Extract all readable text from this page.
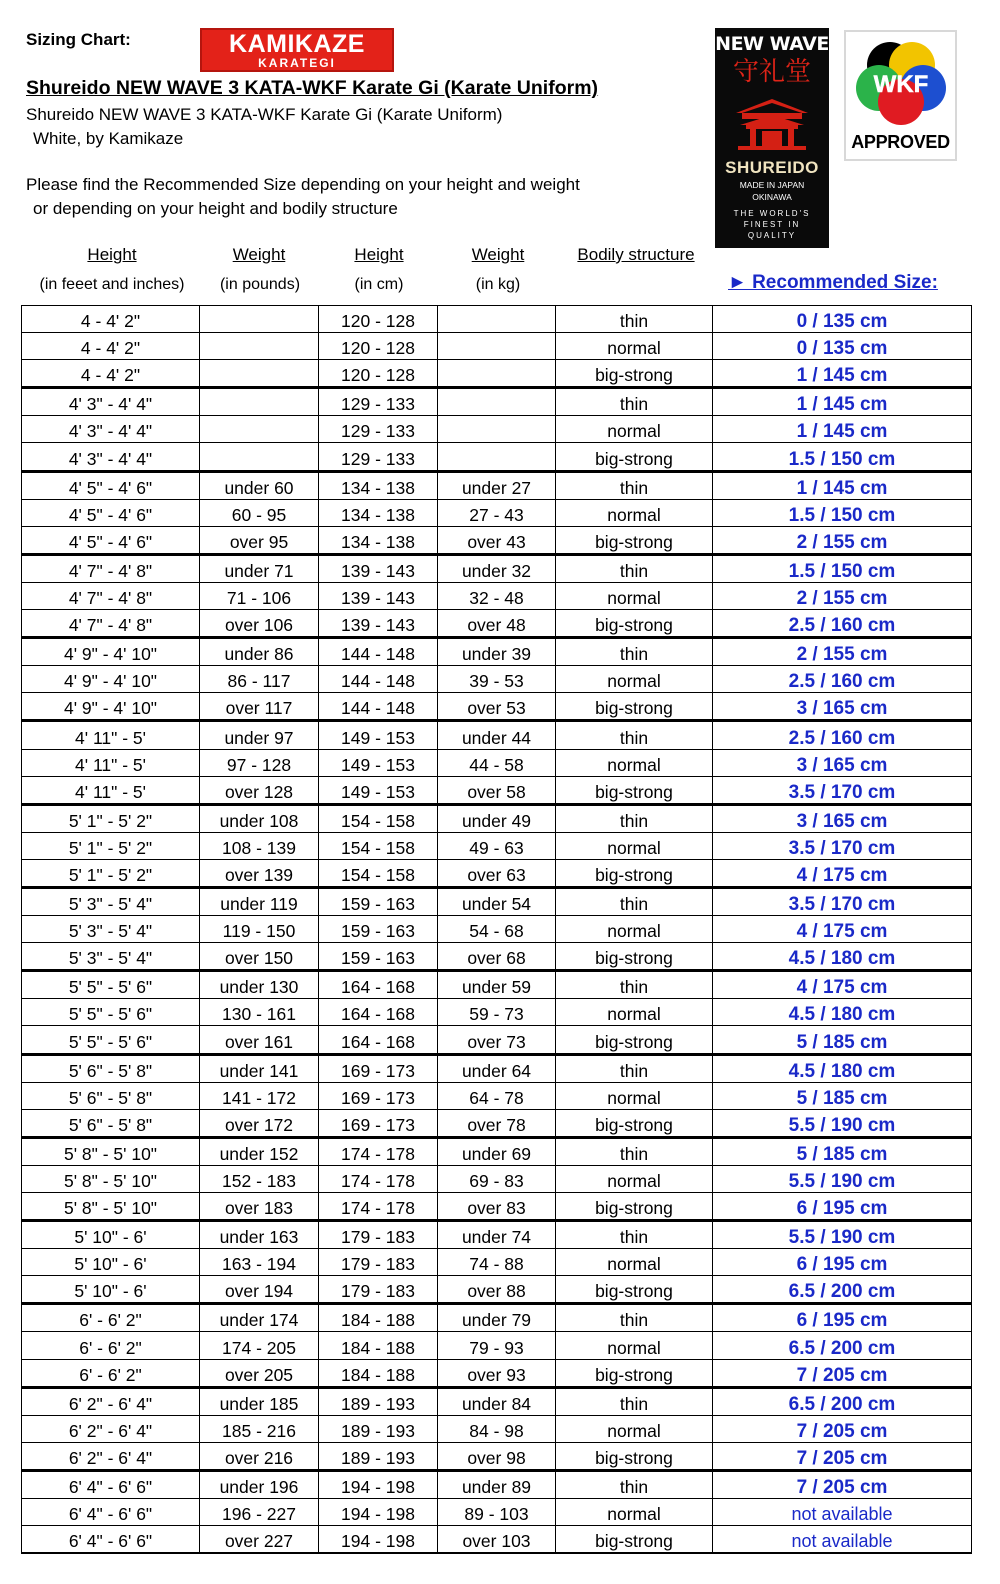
Sizing Chart:	KAMIKAZE
KARATEGI
Shureido NEW WAVE 3 KATA-WKF Karate Gi (Karate Uniform)
Shureido NEW WAVE 3 KATA-WKF Karate Gi (Karate Uniform)
White, by Kamikaze
Please find the Recommended Size depending on your height and weight
or depending on your height and bodily structure
NEW WAVE
守礼堂
SHUREIDO
MADE IN JAPAN
OKINAWA
THE WORLD'S
FINEST IN
QUALITY
WKF
APPROVED
Height
(in feeet and inches)
Weight
(in pounds)
Height
(in cm)
Weight
(in kg)
Bodily structure
► Recommended Size:
4 - 4' 2"		120 - 128		thin	0 / 135 cm
4 - 4' 2"		120 - 128		normal	0 / 135 cm
4 - 4' 2"		120 - 128		big-strong	1 / 145 cm
4' 3" - 4' 4"		129 - 133		thin	1 / 145 cm
4' 3" - 4' 4"		129 - 133		normal	1 / 145 cm
4' 3" - 4' 4"		129 - 133		big-strong	1.5 / 150 cm
4' 5" - 4' 6"	under 60	134 - 138	under 27	thin	1 / 145 cm
4' 5" - 4' 6"	60 - 95	134 - 138	27 - 43	normal	1.5 / 150 cm
4' 5" - 4' 6"	over 95	134 - 138	over 43	big-strong	2 / 155 cm
4' 7" - 4' 8"	under 71	139 - 143	under 32	thin	1.5 / 150 cm
4' 7" - 4' 8"	71 - 106	139 - 143	32 - 48	normal	2 / 155 cm
4' 7" - 4' 8"	over 106	139 - 143	over 48	big-strong	2.5 / 160 cm
4' 9" - 4' 10"	under 86	144 - 148	under 39	thin	2 / 155 cm
4' 9" - 4' 10"	86 - 117	144 - 148	39 - 53	normal	2.5 / 160 cm
4' 9" - 4' 10"	over 117	144 - 148	over 53	big-strong	3 / 165 cm
4' 11" - 5'	under 97	149 - 153	under 44	thin	2.5 / 160 cm
4' 11" - 5'	97 - 128	149 - 153	44 - 58	normal	3 / 165 cm
4' 11" - 5'	over 128	149 - 153	over 58	big-strong	3.5 / 170 cm
5' 1" - 5' 2"	under 108	154 - 158	under 49	thin	3 / 165 cm
5' 1" - 5' 2"	108 - 139	154 - 158	49 - 63	normal	3.5 / 170 cm
5' 1" - 5' 2"	over 139	154 - 158	over 63	big-strong	4 / 175 cm
5' 3" - 5' 4"	under 119	159 - 163	under 54	thin	3.5 / 170 cm
5' 3" - 5' 4"	119 - 150	159 - 163	54 - 68	normal	4 / 175 cm
5' 3" - 5' 4"	over 150	159 - 163	over 68	big-strong	4.5 / 180 cm
5' 5" - 5' 6"	under 130	164 - 168	under 59	thin	4 / 175 cm
5' 5" - 5' 6"	130 - 161	164 - 168	59 - 73	normal	4.5 / 180 cm
5' 5" - 5' 6"	over 161	164 - 168	over 73	big-strong	5 / 185 cm
5' 6" - 5' 8"	under 141	169 - 173	under 64	thin	4.5 / 180 cm
5' 6" - 5' 8"	141 - 172	169 - 173	64 - 78	normal	5 / 185 cm
5' 6" - 5' 8"	over 172	169 - 173	over 78	big-strong	5.5 / 190 cm
5' 8" - 5' 10"	under 152	174 - 178	under 69	thin	5 / 185 cm
5' 8" - 5' 10"	152 - 183	174 - 178	69 - 83	normal	5.5 / 190 cm
5' 8" - 5' 10"	over 183	174 - 178	over 83	big-strong	6 / 195 cm
5' 10" - 6'	under 163	179 - 183	under 74	thin	5.5 / 190 cm
5' 10" - 6'	163 - 194	179 - 183	74 - 88	normal	6 / 195 cm
5' 10" - 6'	over 194	179 - 183	over 88	big-strong	6.5 / 200 cm
6' - 6' 2"	under 174	184 - 188	under 79	thin	6 / 195 cm
6' - 6' 2"	174 - 205	184 - 188	79 - 93	normal	6.5 / 200 cm
6' - 6' 2"	over 205	184 - 188	over 93	big-strong	7 / 205 cm
6' 2" - 6' 4"	under 185	189 - 193	under 84	thin	6.5 / 200 cm
6' 2" - 6' 4"	185 - 216	189 - 193	84 - 98	normal	7 / 205 cm
6' 2" - 6' 4"	over 216	189 - 193	over 98	big-strong	7 / 205 cm
6' 4" - 6' 6"	under 196	194 - 198	under 89	thin	7 / 205 cm
6' 4" - 6' 6"	196 - 227	194 - 198	89 - 103	normal	not available
6' 4" - 6' 6"	over 227	194 - 198	over 103	big-strong	not available
